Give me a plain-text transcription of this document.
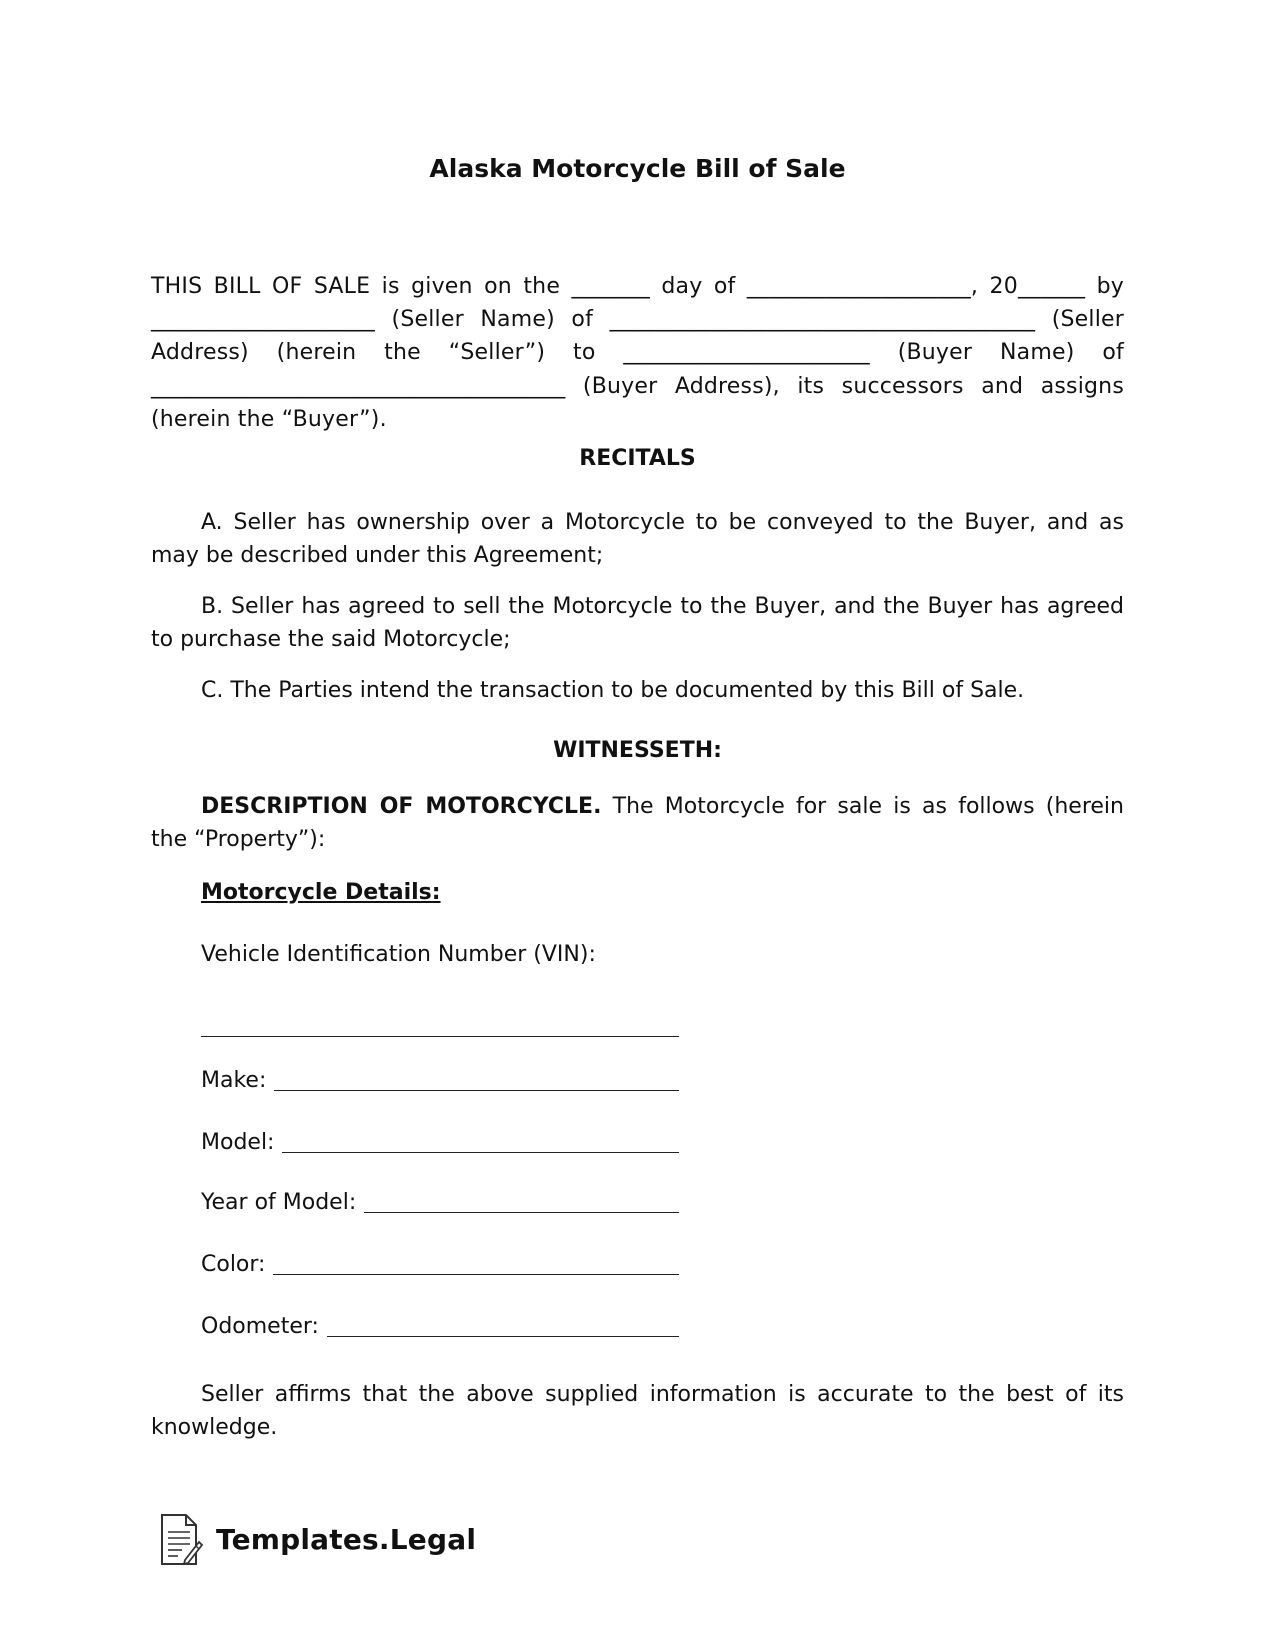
Alaska Motorcycle Bill of Sale
THIS BILL OF SALE is given on the _______ day of ____________________, 20______ by ____________________ (Seller Name) of ______________________________________ (Seller Address) (herein the “Seller”) to ______________________ (Buyer Name) of _____________________________________ (Buyer Address), its successors and assigns (herein the “Buyer”).
RECITALS
A. Seller has ownership over a Motorcycle to be conveyed to the Buyer, and as may be described under this Agreement;
B. Seller has agreed to sell the Motorcycle to the Buyer, and the Buyer has agreed to purchase the said Motorcycle;
C. The Parties intend the transaction to be documented by this Bill of Sale.
WITNESSETH:
DESCRIPTION OF MOTORCYCLE. The Motorcycle for sale is as follows (herein the “Property”):
Motorcycle Details:
Vehicle Identification Number (VIN):
Make:
Model:
Year of Model:
Color:
Odometer:
Seller affirms that the above supplied information is accurate to the best of its knowledge.
Templates.Legal
